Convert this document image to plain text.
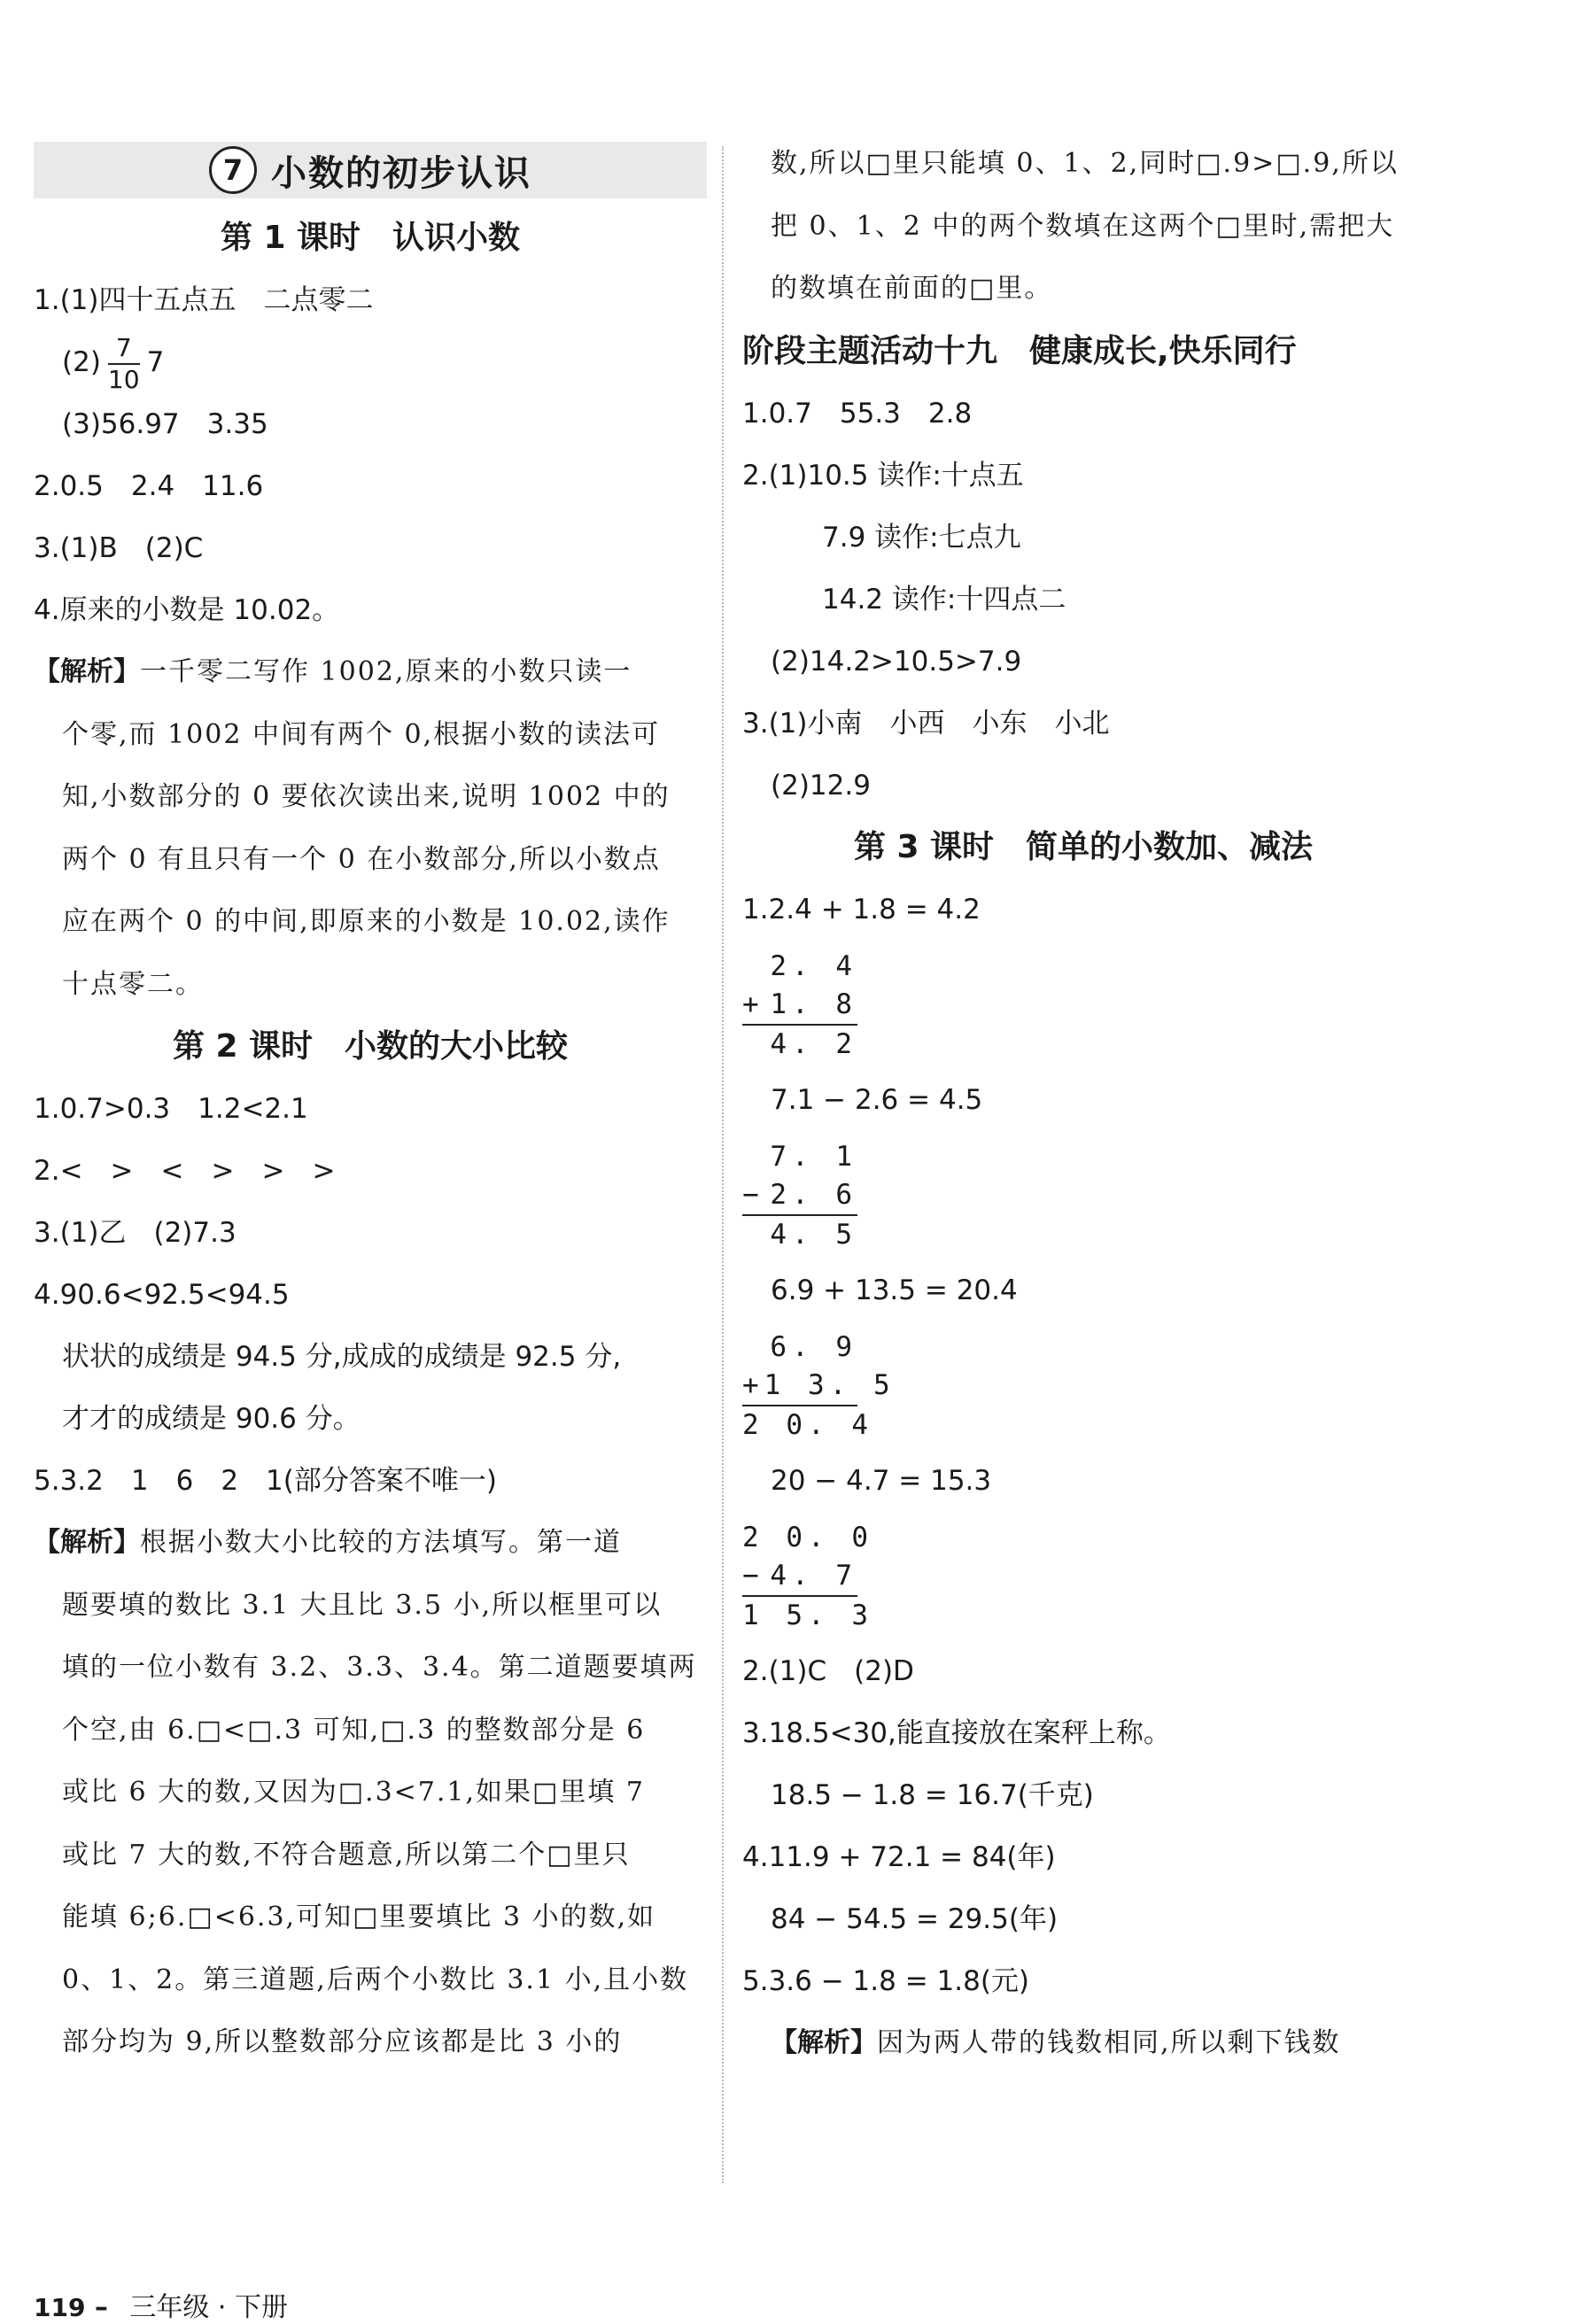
7 小数的初步认识
第 1 课时　认识小数
1.(1)四十五点五　二点零二
$(2) \frac{7}{10} 7$
(3)56.97　3.35
2.0.5　2.4　11.6
3.(1)B　(2)C
4.原来的小数是 10.02。
【解析】一千零二写作 1002,原来的小数只读一
个零,而 1002 中间有两个 0,根据小数的读法可
知,小数部分的 0 要依次读出来,说明 1002 中的
两个 0 有且只有一个 0 在小数部分,所以小数点
应在两个 0 的中间,即原来的小数是 10.02,读作
十点零二。
第 2 课时　小数的大小比较
1.0.7>0.3　1.2<2.1
2.<　>　<　>　>　>
3.(1)乙　(2)7.3
4.90.6<92.5<94.5
状状的成绩是 94.5 分,成成的成绩是 92.5 分,
才才的成绩是 90.6 分。
5.3.2　1　6　2　1(部分答案不唯一)
【解析】根据小数大小比较的方法填写。第一道
题要填的数比 3.1 大且比 3.5 小,所以框里可以
填的一位小数有 3.2、3.3、3.4。第二道题要填两
个空,由 6.□<□.3 可知,□.3 的整数部分是 6
或比 6 大的数,又因为□.3<7.1,如果□里填 7
或比 7 大的数,不符合题意,所以第二个□里只
能填 6;6.□<6.3,可知□里要填比 3 小的数,如
0、1、2。第三道题,后两个小数比 3.1 小,且小数
部分均为 9,所以整数部分应该都是比 3 小的
119 – 三年级 · 下册
数,所以□里只能填 0、1、2,同时□.9>□.9,所以
把 0、1、2 中的两个数填在这两个□里时,需把大
的数填在前面的□里。
阶段主题活动十九　健康成长,快乐同行
1.0.7　55.3　2.8
2.(1)10.5 读作:十点五
7.9 读作:七点九
14.2 读作:十四点二
(2)14.2>10.5>7.9
3.(1)小南　小西　小东　小北
(2)12.9
第 3 课时　简单的小数加、减法
1.2.4 + 1.8 = 4.2
2. 4
+ 1. 8
4. 2
7.1 − 2.6 = 4.5
7. 1
− 2. 6
4. 5
6.9 + 13.5 = 20.4
6. 9
+ 1 3. 5
2 0. 4
20 − 4.7 = 15.3
2 0. 0
− 4. 7
1 5. 3
2.(1)C　(2)D
3.18.5<30,能直接放在案秤上称。
18.5 − 1.8 = 16.7(千克)
4.11.9 + 72.1 = 84(年)
84 − 54.5 = 29.5(年)
5.3.6 − 1.8 = 1.8(元)
【解析】因为两人带的钱数相同,所以剩下钱数
